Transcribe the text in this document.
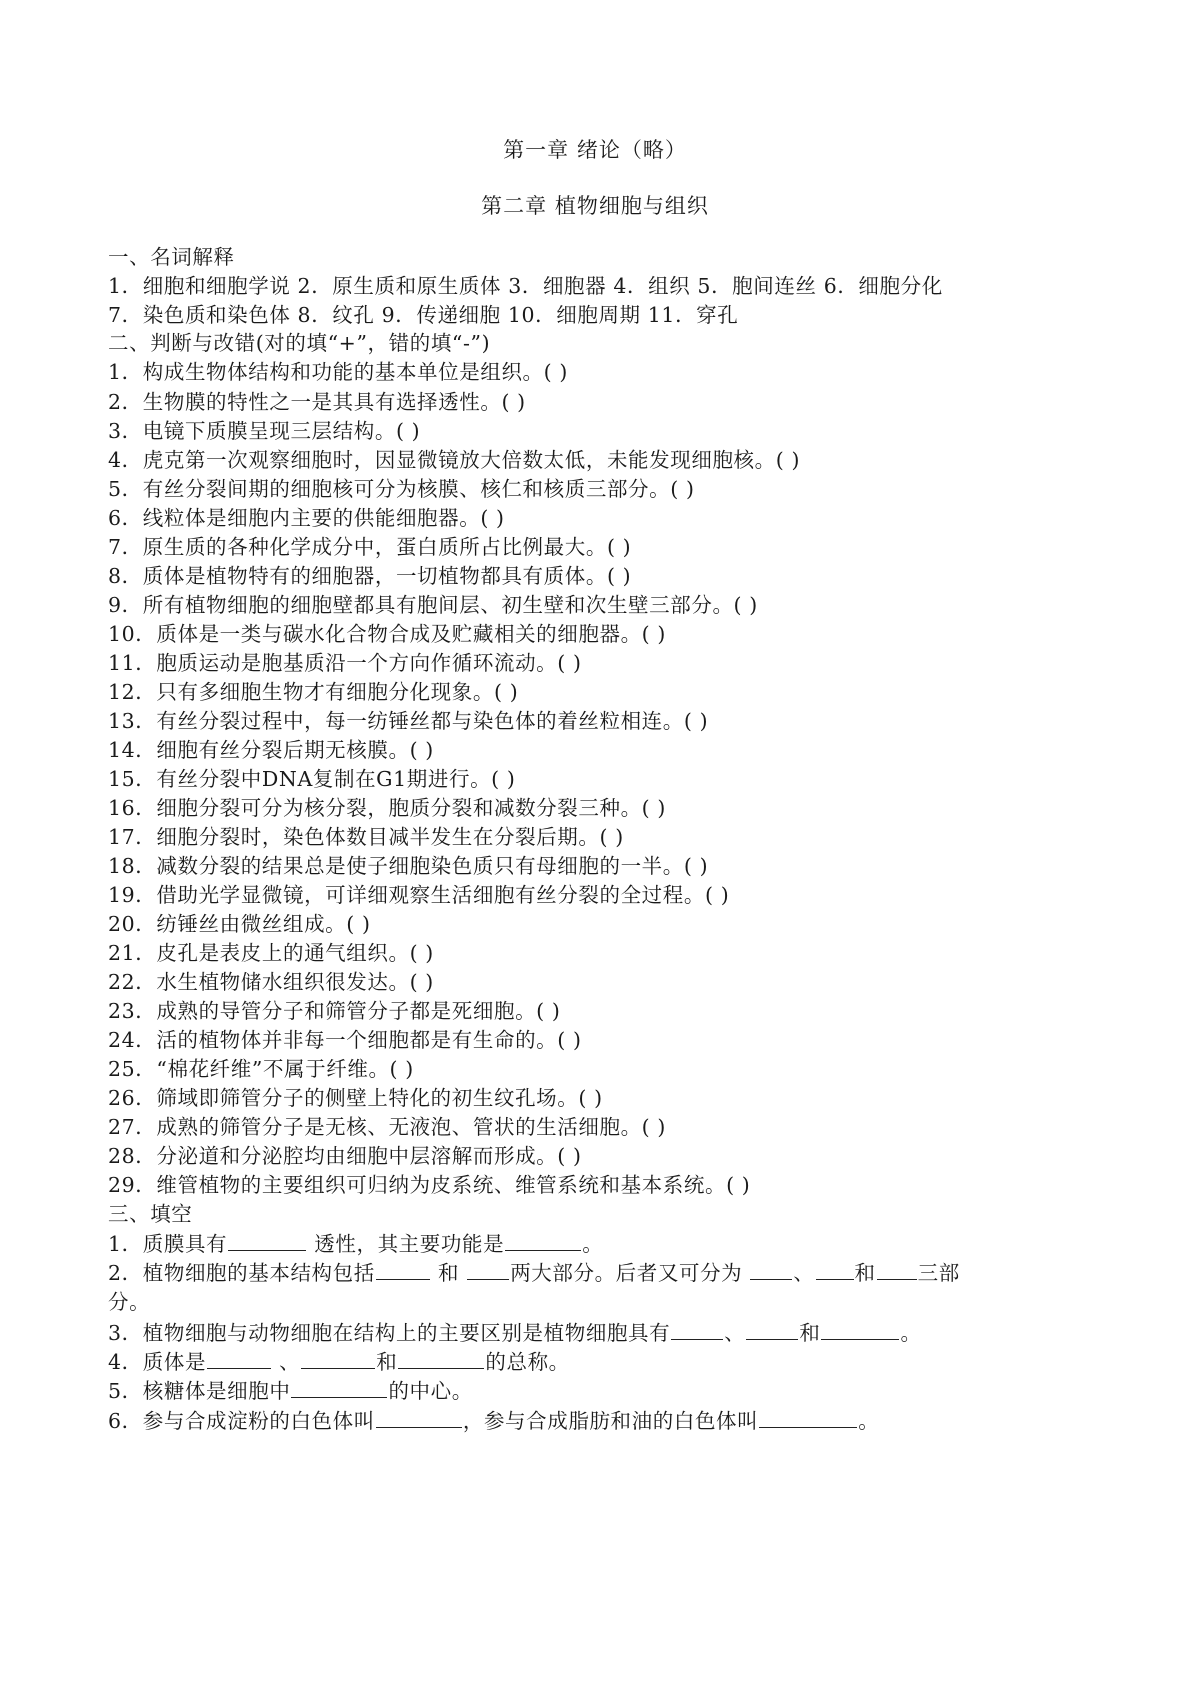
第一章 绪论（略）
第二章 植物细胞与组织
一、名词解释
1．细胞和细胞学说 2．原生质和原生质体 3．细胞器 4．组织 5．胞间连丝 6．细胞分化
7．染色质和染色体 8．纹孔 9．传递细胞 10．细胞周期 11．穿孔
二、判断与改错(对的填“+”，错的填“-”)
1．构成生物体结构和功能的基本单位是组织。( )
2．生物膜的特性之一是其具有选择透性。( )
3．电镜下质膜呈现三层结构。( )
4．虎克第一次观察细胞时，因显微镜放大倍数太低，未能发现细胞核。( )
5．有丝分裂间期的细胞核可分为核膜、核仁和核质三部分。( )
6．线粒体是细胞内主要的供能细胞器。( )
7．原生质的各种化学成分中，蛋白质所占比例最大。( )
8．质体是植物特有的细胞器，一切植物都具有质体。( )
9．所有植物细胞的细胞壁都具有胞间层、初生壁和次生壁三部分。( )
10．质体是一类与碳水化合物合成及贮藏相关的细胞器。( )
11．胞质运动是胞基质沿一个方向作循环流动。( )
12．只有多细胞生物才有细胞分化现象。( )
13．有丝分裂过程中，每一纺锤丝都与染色体的着丝粒相连。( )
14．细胞有丝分裂后期无核膜。( )
15．有丝分裂中DNA复制在G1期进行。( )
16．细胞分裂可分为核分裂，胞质分裂和减数分裂三种。( )
17．细胞分裂时，染色体数目减半发生在分裂后期。( )
18．减数分裂的结果总是使子细胞染色质只有母细胞的一半。( )
19．借助光学显微镜，可详细观察生活细胞有丝分裂的全过程。( )
20．纺锤丝由微丝组成。( )
21．皮孔是表皮上的通气组织。( )
22．水生植物储水组织很发达。( )
23．成熟的导管分子和筛管分子都是死细胞。( )
24．活的植物体并非每一个细胞都是有生命的。( )
25．“棉花纤维”不属于纤维。( )
26．筛域即筛管分子的侧壁上特化的初生纹孔场。( )
27．成熟的筛管分子是无核、无液泡、管状的生活细胞。( )
28．分泌道和分泌腔均由细胞中层溶解而形成。( )
29．维管植物的主要组织可归纳为皮系统、维管系统和基本系统。( )
三、填空
1．质膜具有	透性，其主要功能是	。
2．植物细胞的基本结构包括	和 两大部分。后者又可分为 、 和 三部
分。
3．植物细胞与动物细胞在结构上的主要区别是植物细胞具有	、	和	。
4．质体是	、	和	的总称。
5．核糖体是细胞中	的中心。
6．参与合成淀粉的白色体叫	，参与合成脂肪和油的白色体叫	。
